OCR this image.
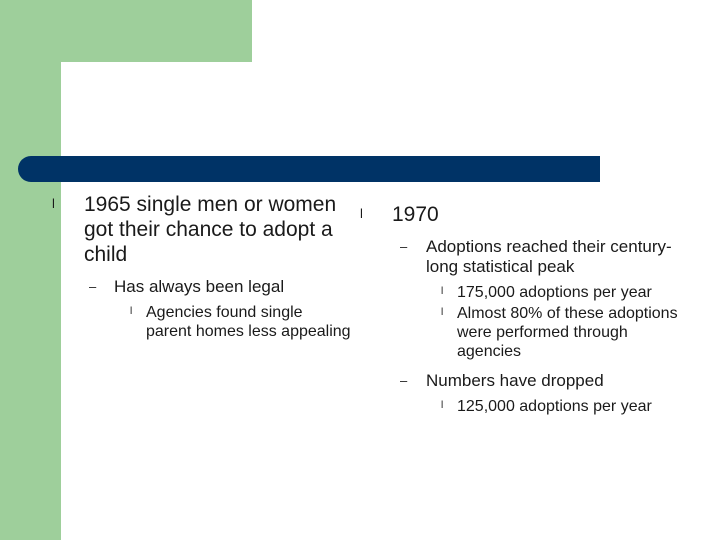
l 1965 single men or women got their chance to adopt a child
– Has always been legal
l Agencies found single parent homes less appealing
l 1970
– Adoptions reached their century-long statistical peak
l 175,000 adoptions per year
l Almost 80% of these adoptions were performed through agencies
– Numbers have dropped
l 125,000 adoptions per year
